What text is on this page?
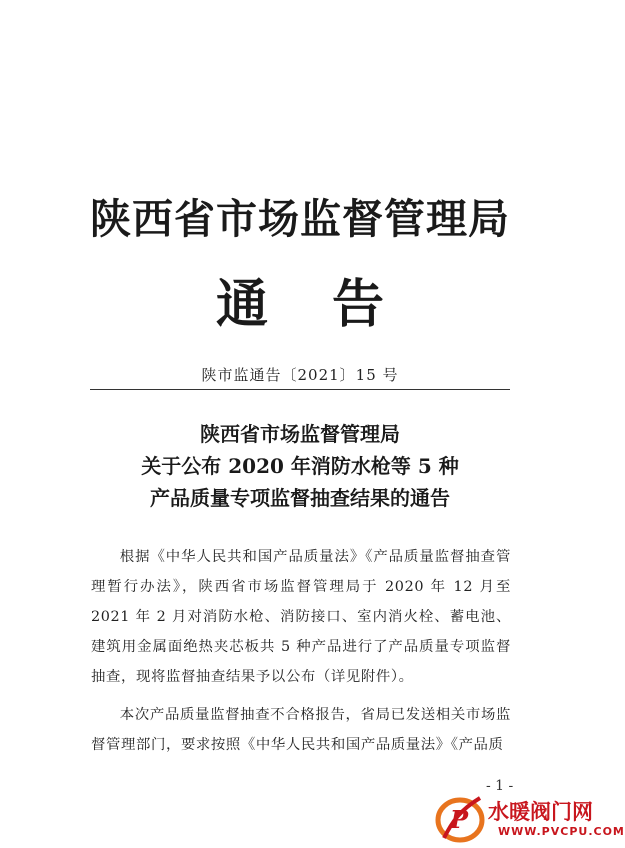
陕西省市场监督管理局
通告
陕市监通告〔2021〕15 号
陕西省市场监督管理局
关于公布 2020 年消防水枪等 5 种
产品质量专项监督抽查结果的通告

根据《中华人民共和国产品质量法》《产品质量监督抽查管理暂行办法》，陕西省市场监督管理局于 2020 年 12 月至 2021 年 2 月对消防水枪、消防接口、室内消火栓、蓄电池、建筑用金属面绝热夹芯板共 5 种产品进行了产品质量专项监督抽查，现将监督抽查结果予以公布（详见附件）。

本次产品质量监督抽查不合格报告，省局已发送相关市场监督管理部门，要求按照《中华人民共和国产品质量法》《产品质

- 1 -
P 水暖阀门网
WWW.PVCPU.COM
